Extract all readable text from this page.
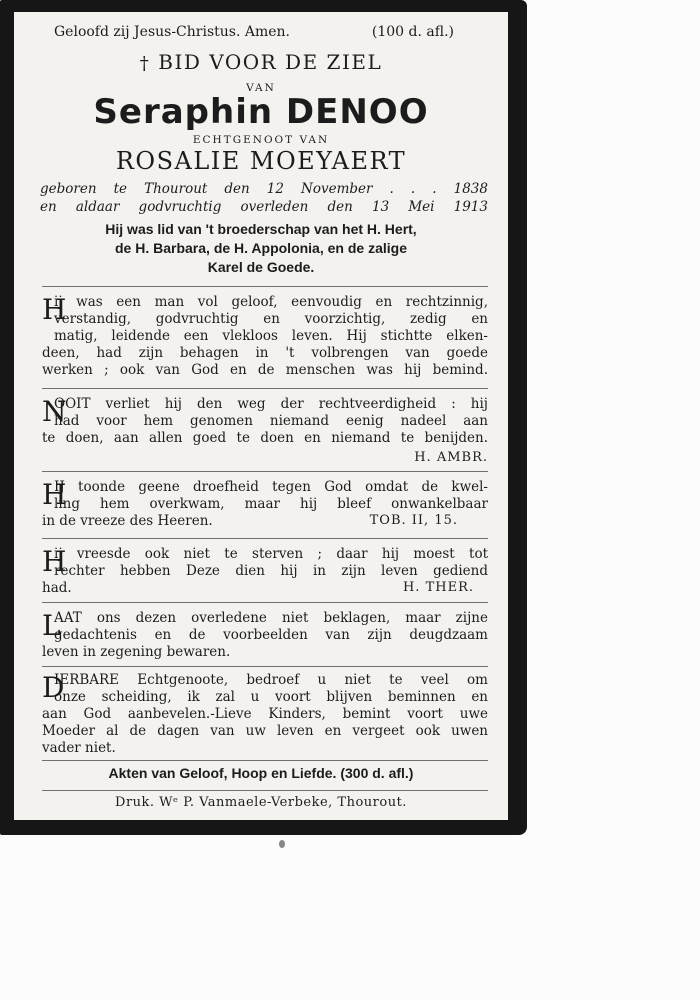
Geloofd zij Jesus-Christus. Amen.	(100 d. afl.)
† BID VOOR DE ZIEL
VAN
Seraphin DENOO
ECHTGENOOT VAN
ROSALIE MOEYAERT
geboren te Thourout den 12 November . . . 1838
en aldaar godvruchtig overleden den 13 Mei 1913
Hij was lid van 't broederschap van het H. Hert,
de H. Barbara, de H. Appolonia, en de zalige
Karel de Goede.
H
ij was een man vol geloof, eenvoudig en rechtzinnig,
verstandig, godvruchtig en voorzichtig, zedig en
matig, leidende een vlekloos leven. Hij stichtte elken-
deen, had zijn behagen in 't volbrengen van goede
werken ; ook van God en de menschen was hij bemind.
N
OOIT verliet hij den weg der rechtveerdigheid : hij
had voor hem genomen niemand eenig nadeel aan
te doen, aan allen goed te doen en niemand te benijden.
H. AMBR.
H
IJ toonde geene droefheid tegen God omdat de kwel-
ling hem overkwam, maar hij bleef onwankelbaar
in de vreeze des Heeren.	TOB. II, 15.
H
ij vreesde ook niet te sterven ; daar hij moest tot
rechter hebben Deze dien hij in zijn leven gediend
had.	H. THER.
L
AAT ons dezen overledene niet beklagen, maar zijne
gedachtenis en de voorbeelden van zijn deugdzaam
leven in zegening bewaren.
D
IERBARE Echtgenoote, bedroef u niet te veel om
onze scheiding, ik zal u voort blijven beminnen en
aan God aanbevelen.-Lieve Kinders, bemint voort uwe
Moeder al de dagen van uw leven en vergeet ook uwen
vader niet.
Akten van Geloof, Hoop en Liefde. (300 d. afl.)
Druk. Wᵉ P. Vanmaele-Verbeke, Thourout.
